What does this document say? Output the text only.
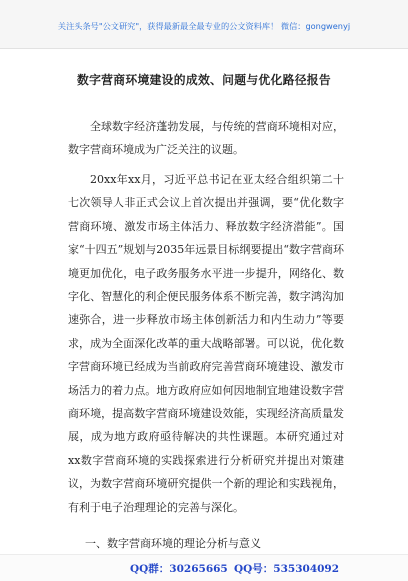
关注头条号"公文研究"，获得最新最全最专业的公文资料库！ 微信：gongwenyj
数字营商环境建设的成效、问题与优化路径报告
全球数字经济蓬勃发展，与传统的营商环境相对应，数字营商环境成为广泛关注的议题。
20xx年xx月，习近平总书记在亚太经合组织第二十七次领导人非正式会议上首次提出并强调，要“优化数字营商环境、激发市场主体活力、释放数字经济潜能”。国家“十四五”规划与2035年远景目标纲要提出“数字营商环境更加优化，电子政务服务水平进一步提升，网络化、数字化、智慧化的利企便民服务体系不断完善，数字鸿沟加速弥合，进一步释放市场主体创新活力和内生动力”等要求，成为全面深化改革的重大战略部署。可以说，优化数字营商环境已经成为当前政府完善营商环境建设、激发市场活力的着力点。地方政府应如何因地制宜地建设数字营商环境，提高数字营商环境建设效能，实现经济高质量发展，成为地方政府亟待解决的共性课题。本研究通过对xx数字营商环境的实践探索进行分析研究并提出对策建议，为数字营商环境研究提供一个新的理论和实践视角，有利于电子治理理论的完善与深化。
一、数字营商环境的理论分析与意义
QQ群：30265665 QQ号：535304092
